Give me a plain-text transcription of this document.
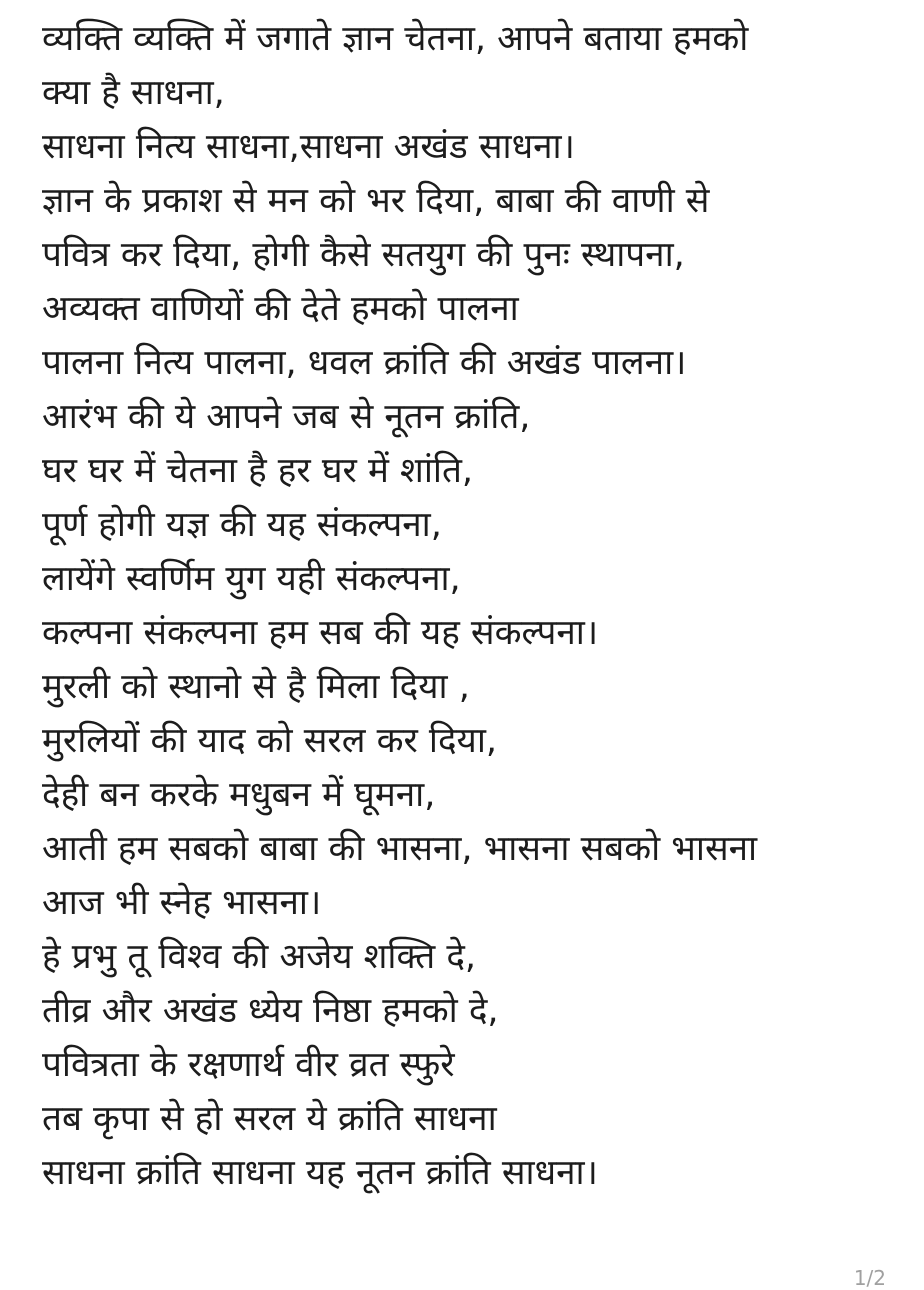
व्यक्ति व्यक्ति में जगाते ज्ञान चेतना, आपने बताया हमको
क्या है साधना,
साधना नित्य साधना,साधना अखंड साधना।
ज्ञान के प्रकाश से मन को भर दिया, बाबा की वाणी से
पवित्र कर दिया, होगी कैसे सतयुग की पुनः स्थापना,
अव्यक्त वाणियों की देते हमको पालना
पालना नित्य पालना, धवल क्रांति की अखंड पालना।
आरंभ की ये आपने जब से नूतन क्रांति,
घर घर में चेतना है हर घर में शांति,
पूर्ण होगी यज्ञ की यह संकल्पना,
लायेंगे स्वर्णिम युग यही संकल्पना,
कल्पना संकल्पना हम सब की यह संकल्पना।
मुरली को स्थानो से है मिला दिया ,
मुरलियों की याद को सरल कर दिया,
देही बन करके मधुबन में घूमना,
आती हम सबको बाबा की भासना, भासना सबको भासना
आज भी स्नेह भासना।
हे प्रभु तू विश्व की अजेय शक्ति दे,
तीव्र और अखंड ध्येय निष्ठा हमको दे,
पवित्रता के रक्षणार्थ वीर व्रत स्फुरे
तब कृपा से हो सरल ये क्रांति साधना
साधना क्रांति साधना यह नूतन क्रांति साधना।
1/2
